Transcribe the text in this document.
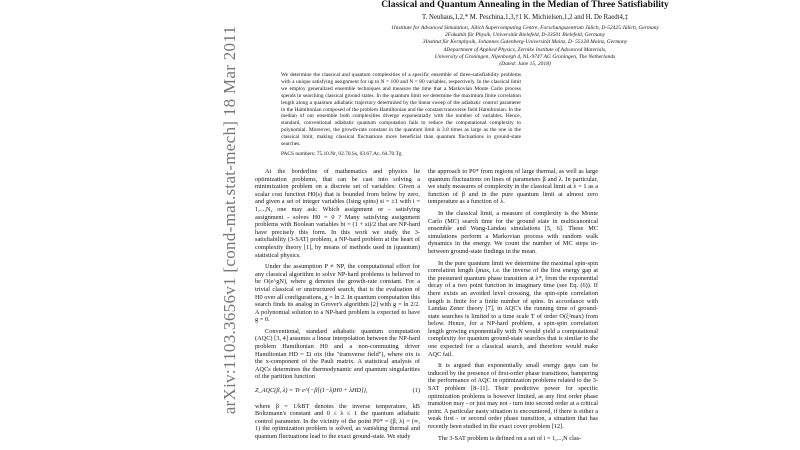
arXiv:1103.3656v1 [cond-mat.stat-mech] 18 Mar 2011
Classical and Quantum Annealing in the Median of Three Satisfiability
T. Neuhaus,1,2,* M. Peschina,1,3,†1 K. Michielsen,1,2 and H. De Raedt4,‡
1Institute for Advanced Simulation, Jülich Supercomputing Centre, Forschungszentrum Jülich, D-52425 Jülich, Germany
2Fakultät für Physik, Universität Bielefeld, D-33501 Bielefeld, Germany
3Institut für Kernphysik, Johannes Gutenberg-Universität Mainz, D- 55128 Mainz, Germany
4Department of Applied Physics, Zernike Institute of Advanced Materials,
University of Groningen, Nijenborgh 4, NL-9747 AG Groningen, The Netherlands
(Dated: June 15, 2018)
We determine the classical and quantum complexities of a specific ensemble of three-satisfiability problems with a unique satisfying assignment for up to N = 100 and N = 80 variables, respectively. In the classical limit we employ generalized ensemble techniques and measure the time that a Markovian Monte Carlo process spends in searching classical ground states. In the quantum limit we determine the maximum finite correlation length along a quantum adiabatic trajectory determined by the linear sweep of the adiabatic control parameter in the Hamiltonian composed of the problem Hamiltonian and the constant transverse field Hamiltonian. In the median of our ensemble both complexities diverge exponentially with the number of variables. Hence, standard, conventional adiabatic quantum computation fails to reduce the computational complexity to polynomial. Moreover, the growth-rate constant in the quantum limit is 3.8 times as large as the one in the classical limit, making classical fluctuations more beneficial than quantum fluctuations in ground-state searches.
PACS numbers: 75.10.Nr, 02.70.Ss, 03.67.Ac, 64.70.Tg

At the borderline of mathematics and physics lie optimization problems, that can be cast into solving a minimization problem on a discrete set of variables: Given a scalar cost function H0(s) that is bounded from below by zero, and given a set of integer variables (Ising spins) si = ±1 with i = 1,...,N, one may ask: Which assignment or - satisfying assignment - solves H0 = 0 ? Many satisfying assignment problems with Boolean variables bi = (1 + si)/2 that are NP-hard have precisely this form. In this work we study the 3-satisfiability (3-SAT) problem, a NP-hard problem at the heart of complexity theory [1], by means of methods used in (quantum) statistical physics.

Under the assumption P ≠ NP, the computational effort for any classical algorithm to solve NP-hard problems is believed to be O(e^gN), where g denotes the growth-rate constant. For a trivial classical or unstructured search, that is the evaluation of H0 over all configurations, g = ln 2. In quantum computation this search finds its analog in Grover's algorithm [2] with g = ln 2/2. A polynomial solution to a NP-hard problem is expected to have g = 0.

Conventional, standard adiabatic quantum computation (AQC) [3, 4] assumes a linear interpolation between the NP-hard problem Hamiltonian H0 and a non-commuting driver Hamiltonian HD = Σi σix (the "transverse field"), where σix is the x-component of the Pauli matrix. A statistical analysis of AQCs determines the thermodynamic and quantum singularities of the partition function

Z_AQC(β, λ) = Tr e^{−β[(1−λ)H0 + λHD]},	(1)

where β = 1/kBT denotes the inverse temperature, kB Boltzmann's constant and 0 ≤ λ ≤ 1 the quantum adiabatic control parameter. In the vicinity of the point P0* = (β, λ) = (∞, 1) the optimization problem is solved, as vanishing thermal and quantum fluctuations lead to the exact ground-state. We study

the approach to P0* from regions of large thermal, as well as large quantum fluctuations on lines of parameters β and λ. In particular, we study measures of complexity in the classical limit at λ = 1 as a function of β and in the pure quantum limit at almost zero temperature as a function of λ.

In the classical limit, a measure of complexity is the Monte Carlo (MC) search time for the ground state in multicanonical ensemble and Wang-Landau simulations [5, 6]. These MC simulations perform a Markovian process with random walk dynamics in the energy. We count the number of MC steps in-between ground-state findings in the mean.

In the pure quantum limit we determine the maximal spin-spin correlation length ξmax, i.e. the inverse of the first energy gap at the presumed quantum phase transition at λ*, from the exponential decay of a two point function in imaginary time (see Eq. (6)). If there exists an avoided level crossing, the spin-spin correlation length is finite for a finite number of spins. In accordance with Landau Zener theory [7], in AQC's the running time of ground-state searches is limited to a time scale T of order O(ξ²max) from below. Hence, for a NP-hard problem, a spin-spin correlation length growing exponentially with N would yield a computational complexity for quantum ground-state searches that is similar to the one expected for a classical search, and therefore would make AQC fail.

It is argued that exponentially small energy gaps can be induced by the presence of first-order phase transitions, hampering the performance of AQC in optimization problems related to the 3-SAT problem [8–11]. Their predictive power for specific optimization problems is however limited, as any first order phase transition may - or just may not - turn into second order at a critical point. A particular nasty situation is encountered, if there is either a weak first - or second order phase transition, a situation that has recently been studied in the exact cover problem [12].

The 3-SAT problem is defined on a set of i = 1,...,N clas-
